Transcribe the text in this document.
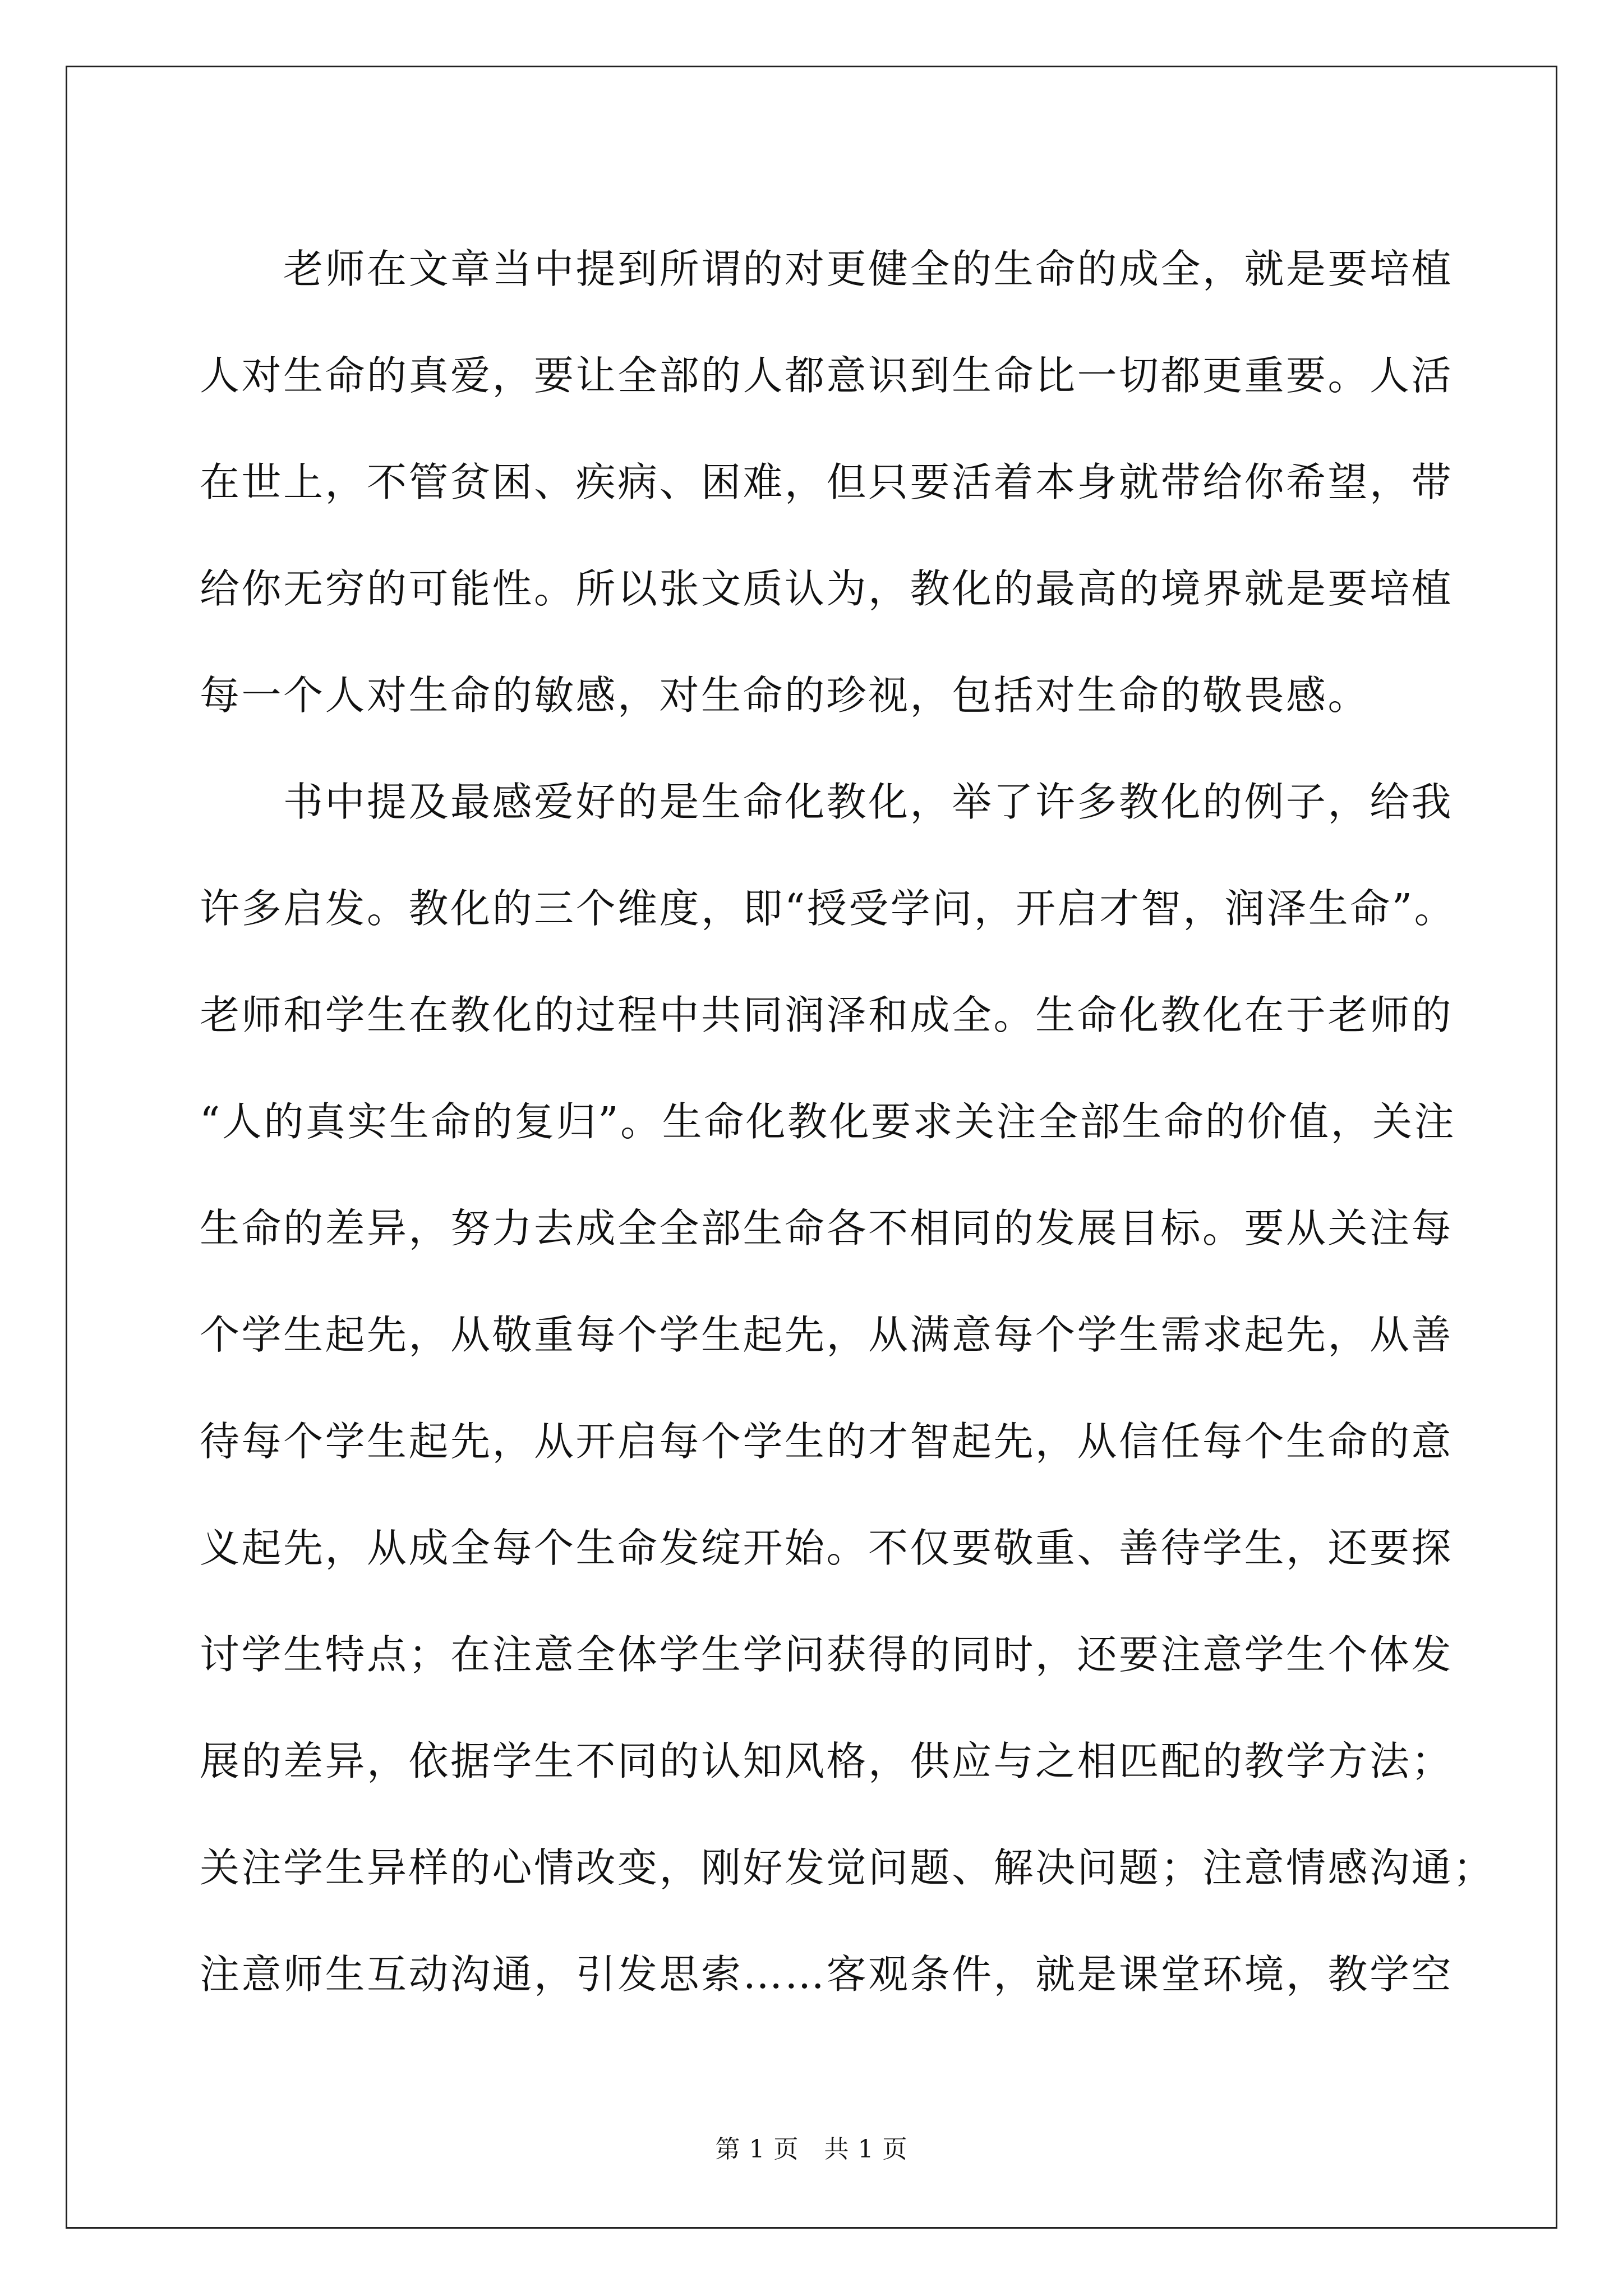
　　老师在文章当中提到所谓的对更健全的生命的成全，就是要培植
人对生命的真爱，要让全部的人都意识到生命比一切都更重要。人活
在世上，不管贫困、疾病、困难，但只要活着本身就带给你希望，带
给你无穷的可能性。所以张文质认为，教化的最高的境界就是要培植
每一个人对生命的敏感，对生命的珍视，包括对生命的敬畏感。
　　书中提及最感爱好的是生命化教化，举了许多教化的例子，给我
许多启发。教化的三个维度，即“授受学问，开启才智，润泽生命”。
老师和学生在教化的过程中共同润泽和成全。生命化教化在于老师的
“人的真实生命的复归”。生命化教化要求关注全部生命的价值，关注
生命的差异，努力去成全全部生命各不相同的发展目标。要从关注每
个学生起先，从敬重每个学生起先，从满意每个学生需求起先，从善
待每个学生起先，从开启每个学生的才智起先，从信任每个生命的意
义起先，从成全每个生命发绽开始。不仅要敬重、善待学生，还要探
讨学生特点；在注意全体学生学问获得的同时，还要注意学生个体发
展的差异，依据学生不同的认知风格，供应与之相匹配的教学方法；
关注学生异样的心情改变，刚好发觉问题、解决问题；注意情感沟通；
注意师生互动沟通，引发思索……客观条件，就是课堂环境，教学空
第 1 页　共 1 页
